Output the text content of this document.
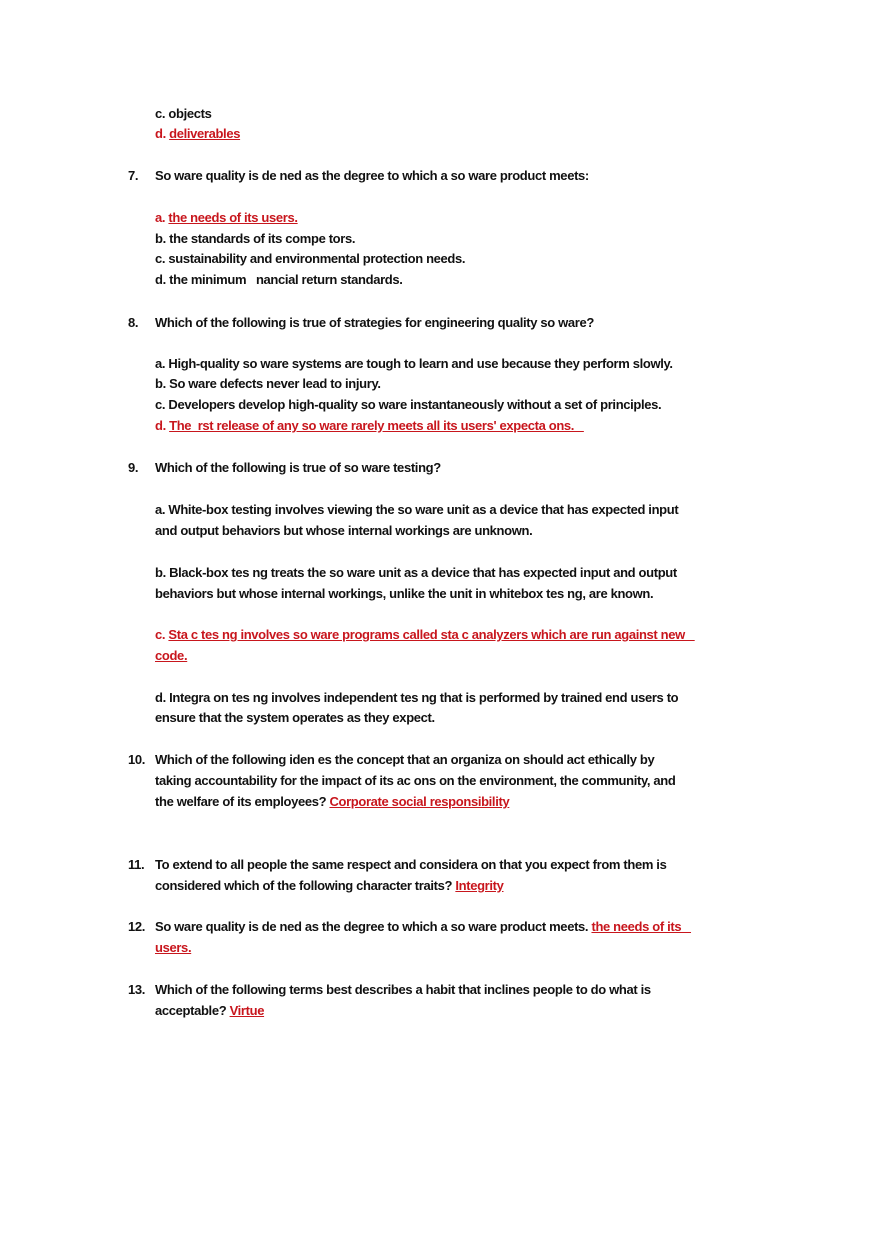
c. objects
d. deliverables
7. So ware quality is de ned as the degree to which a so ware product meets:
a. the needs of its users.
b. the standards of its compe tors.
c. sustainability and environmental protection needs.
d. the minimum   nancial return standards.
8. Which of the following is true of strategies for engineering quality so ware?
a. High-quality so ware systems are tough to learn and use because they perform slowly.
b. So ware defects never lead to injury.
c. Developers develop high-quality so ware instantaneously without a set of principles.
d. The  rst release of any so ware rarely meets all its users' expecta ons.
9. Which of the following is true of so ware testing?
a. White-box testing involves viewing the so ware unit as a device that has expected input
and output behaviors but whose internal workings are unknown.
b. Black-box tes ng treats the so ware unit as a device that has expected input and output
behaviors but whose internal workings, unlike the unit in whitebox tes ng, are known.
c. Sta c tes ng involves so ware programs called sta c analyzers which are run against new
code.
d. Integra on tes ng involves independent tes ng that is performed by trained end users to
ensure that the system operates as they expect.
10. Which of the following iden es the concept that an organiza on should act ethically by
taking accountability for the impact of its ac ons on the environment, the community, and
the welfare of its employees? Corporate social responsibility
11. To extend to all people the same respect and considera on that you expect from them is
considered which of the following character traits? Integrity
12. So ware quality is de ned as the degree to which a so ware product meets. the needs of its
users.
13. Which of the following terms best describes a habit that inclines people to do what is
acceptable? Virtue
